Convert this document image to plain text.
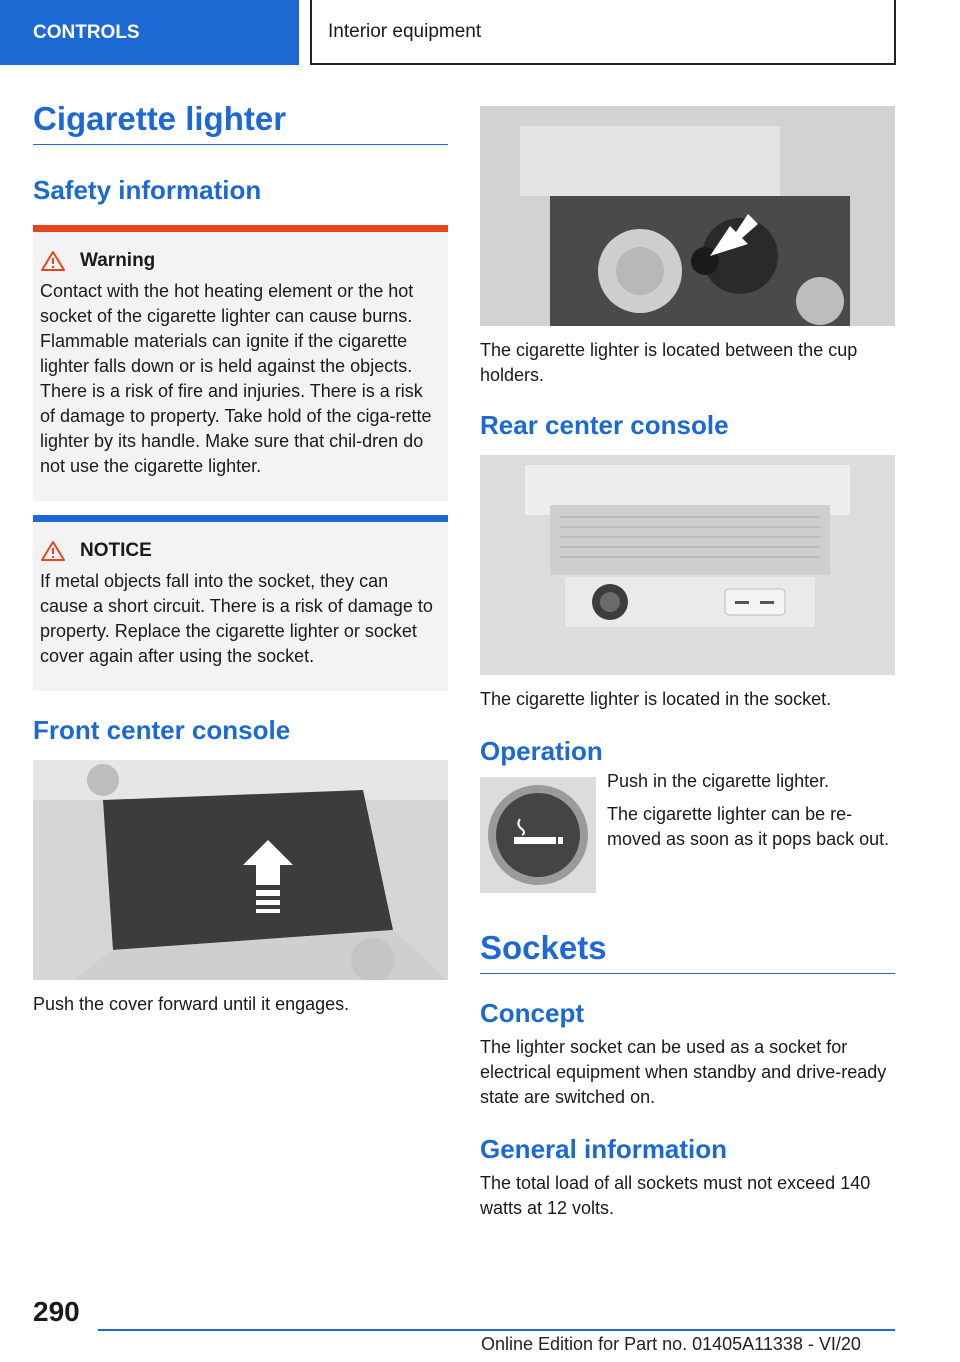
CONTROLS	Interior equipment
Cigarette lighter
Safety information
Warning

Contact with the hot heating element or the hot socket of the cigarette lighter can cause burns. Flammable materials can ignite if the cigarette lighter falls down or is held against the objects. There is a risk of fire and injuries. There is a risk of damage to property. Take hold of the ciga-rette lighter by its handle. Make sure that chil-dren do not use the cigarette lighter.

NOTICE

If metal objects fall into the socket, they can cause a short circuit. There is a risk of damage to property. Replace the cigarette lighter or socket cover again after using the socket.

Front center console

Push the cover forward until it engages.

The cigarette lighter is located between the cup holders.

Rear center console

The cigarette lighter is located in the socket.

Operation

Push in the cigarette lighter.

The cigarette lighter can be re-moved as soon as it pops back out.

Sockets
Concept

The lighter socket can be used as a socket for electrical equipment when standby and drive-ready state are switched on.

General information

The total load of all sockets must not exceed 140 watts at 12 volts.

290
Online Edition for Part no. 01405A11338 - VI/20
